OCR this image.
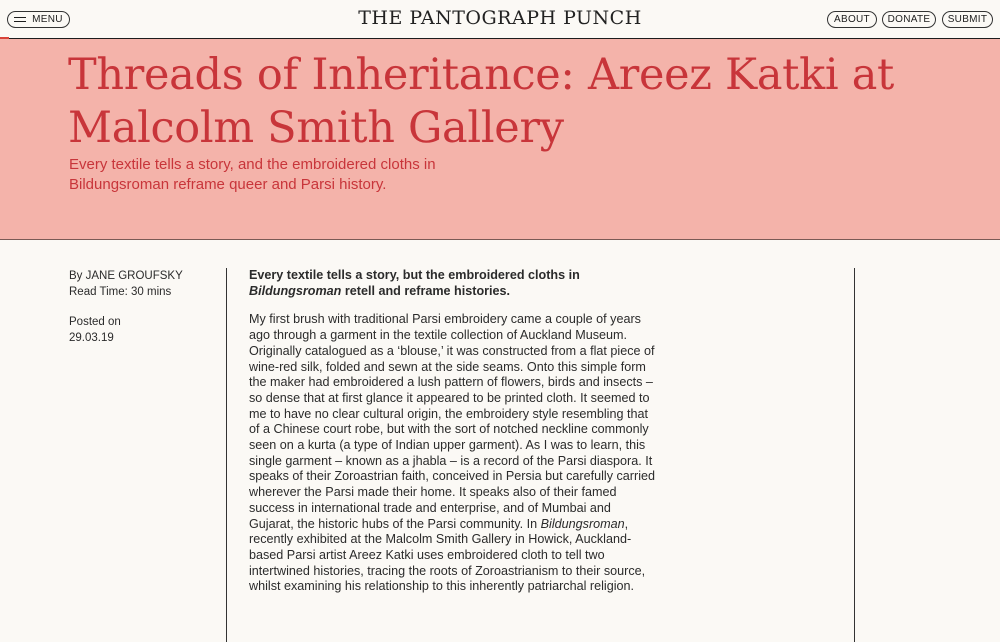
MENU	THE PANTOGRAPH PUNCH	ABOUT	DONATE	SUBMIT
Threads of Inheritance: Areez Katki at Malcolm Smith Gallery

Every textile tells a story, and the embroidered cloths in Bildungsroman reframe queer and Parsi history.

By JANE GROUFSKY

Read Time: 30 mins

Posted on

29.03.19

Every textile tells a story, but the embroidered cloths in Bildungsroman retell and reframe histories.

My first brush with traditional Parsi embroidery came a couple of years ago through a garment in the textile collection of Auckland Museum. Originally catalogued as a ‘blouse,’ it was constructed from a flat piece of wine-red silk, folded and sewn at the side seams. Onto this simple form the maker had embroidered a lush pattern of flowers, birds and insects – so dense that at first glance it appeared to be printed cloth. It seemed to me to have no clear cultural origin, the embroidery style resembling that of a Chinese court robe, but with the sort of notched neckline commonly seen on a kurta (a type of Indian upper garment). As I was to learn, this single garment – known as a jhabla – is a record of the Parsi diaspora. It speaks of their Zoroastrian faith, conceived in Persia but carefully carried wherever the Parsi made their home. It speaks also of their famed success in international trade and enterprise, and of Mumbai and Gujarat, the historic hubs of the Parsi community. In Bildungsroman, recently exhibited at the Malcolm Smith Gallery in Howick, Auckland-based Parsi artist Areez Katki uses embroidered cloth to tell two intertwined histories, tracing the roots of Zoroastrianism to their source, whilst examining his relationship to this inherently patriarchal religion.
